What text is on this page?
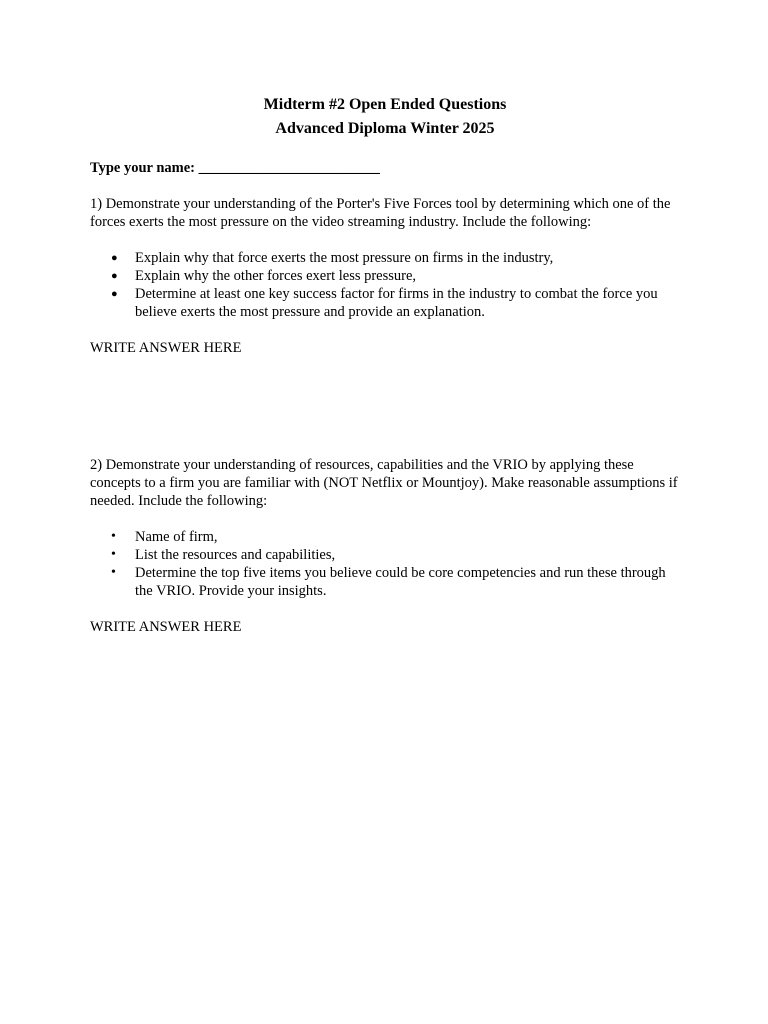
Midterm #2 Open Ended Questions

Advanced Diploma Winter 2025

Type your name: _________________________

1) Demonstrate your understanding of the Porter's Five Forces tool by determining which one of the forces exerts the most pressure on the video streaming industry. Include the following:

● Explain why that force exerts the most pressure on firms in the industry,
● Explain why the other forces exert less pressure,
● Determine at least one key success factor for firms in the industry to combat the force you believe exerts the most pressure and provide an explanation.

WRITE ANSWER HERE

2) Demonstrate your understanding of resources, capabilities and the VRIO by applying these concepts to a firm you are familiar with (NOT Netflix or Mountjoy). Make reasonable assumptions if needed. Include the following:

• Name of firm,
• List the resources and capabilities,
• Determine the top five items you believe could be core competencies and run these through the VRIO. Provide your insights.

WRITE ANSWER HERE
